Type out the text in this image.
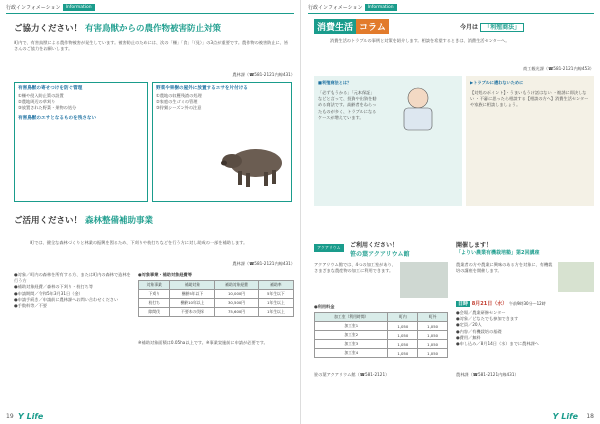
行政インフォメーション	Information
ご協力ください！ 有害鳥獣からの農作物被害防止対策
町内で、有害鳥獣による農作物被害が発生しています。被害防止のためには、次の「柵」「食」「（見）」の3点が重要です。農作物の被害防止に、皆さんのご協力をお願いします。
農林課（☎581-2121内線431）
有害鳥獣の寄せつけを防ぐ管理
①柵や侵入防止策の設置
②農地周辺の草刈り
③放置された野菜・果物の処分
有害鳥獣のエサとなるものを残さない
野菜や果樹の屋外に放置するエサを片付ける
①農地の収穫残渣の処理
②家庭の生ゴミの管理
③狩猟シーズン外の注意
ご活用ください！ 森林整備補助事業
町では、健全な森林づくりと林業の振興を図るため、下刈りや枝打ちなどを行う方に対し助成の一部を補助します。
農林課（☎581-2121内線431）
●対象／町内の森林を所有する方、または町内の森林で造林を行う方
●補助対象経費／森林の下刈り・枝打ち等
●申請期間／令和5年3月31日（金）
●申請手続き／申請前に農林課へお問い合わせください
●手数料等／不要
●対象事業・補助対象経費等
対象事業	補助対象	補助対象経費	補助率
下刈り	樹齢5年以下	10,000円	5年生以下
枝打ち	樹齢10年以上	30,500円	1年生以上
除間伐	不要木の伐採	75,600円	1年生以上
※補助対象面積は0.05ha以上です。※事業実施前に申請が必要です。
19 Y Life
行政インフォメーション	Information
消費生活 コラム	今月は 「利殖商法」
消費生活のトラブルの事例と対策を紹介します。相談を希望するときは、消費生活センターへ。
商工観光課（☎581-2121内線453）
■利殖商法とは？
「必ずもうかる」「元本保証」などと言って、投資や出資を勧める商法です。高齢者をねらったものが多く、トラブルになるケースが増えています。
▶トラブルに遭わないために
【対処のポイント】・うまいもうけ話はない ・勧誘に即決しない ・不審に思ったら相談する【相談の方へ】消費生活センターや家族に相談しましょう。
アクアリウム	ご利用ください！
笹の葉アクアリウム館
アクアリウム館では、4つの加工室があり、さまざまな農産物の加工に利用できます。
●利用料金
加工室（利用時間）	町内	町外
加工室1	1,050	1,050
加工室2	1,050	1,050
加工室3	1,050	1,050
加工室4	1,050	1,050
笹の葉アクアリウム館（☎581-2121）
開催します！
「よりい農業有機栽培塾」第2回講座
農業者の方や農業に興味のある方を対象に、有機栽培の講座を開催します。
日時 8月21日（水） 午前9時30分〜12時
●会場／農業研修センター
●対象／どなたでも参加できます
●定員／20人
●内容／有機栽培の基礎
●費用／無料
●申し込み／8月14日（水）までに農林課へ
農林課（☎581-2121内線431）
Y Life 18
